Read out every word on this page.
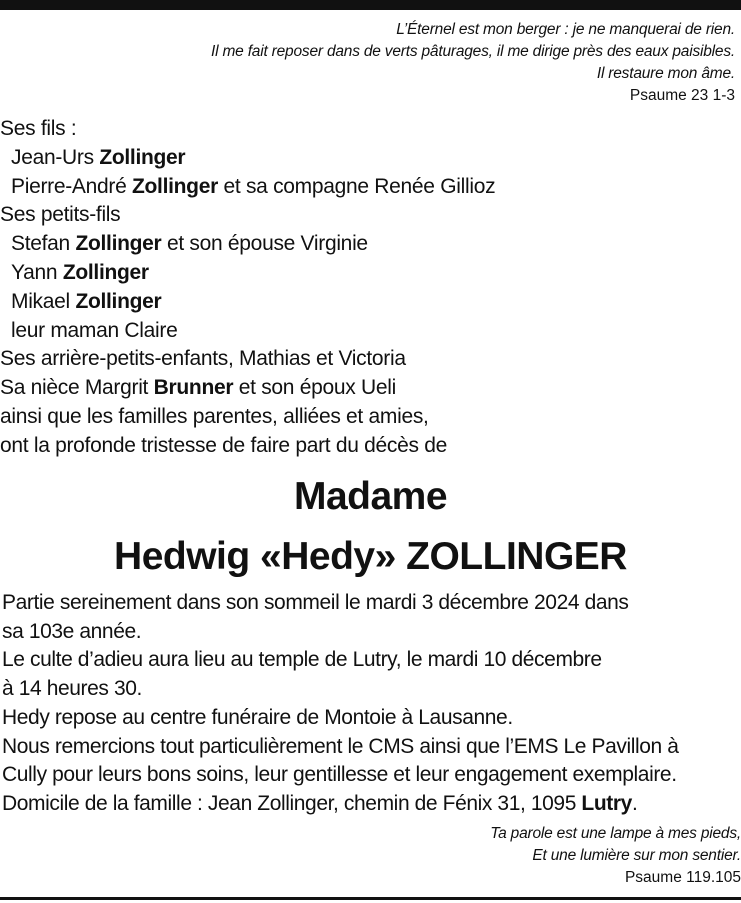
L’Éternel est mon berger : je ne manquerai de rien.
Il me fait reposer dans de verts pâturages, il me dirige près des eaux paisibles.
Il restaure mon âme.
Psaume 23 1-3
Ses fils :
Jean-Urs Zollinger
Pierre-André Zollinger et sa compagne Renée Gillioz
Ses petits-fils
Stefan Zollinger et son épouse Virginie
Yann Zollinger
Mikael Zollinger
leur maman Claire
Ses arrière-petits-enfants, Mathias et Victoria
Sa nièce Margrit Brunner et son époux Ueli
ainsi que les familles parentes, alliées et amies,
ont la profonde tristesse de faire part du décès de
Madame
Hedwig «Hedy» ZOLLINGER
Partie sereinement dans son sommeil le mardi 3 décembre 2024 dans
sa 103e année.
Le culte d’adieu aura lieu au temple de Lutry, le mardi 10 décembre
à 14 heures 30.
Hedy repose au centre funéraire de Montoie à Lausanne.
Nous remercions tout particulièrement le CMS ainsi que l’EMS Le Pavillon à
Cully pour leurs bons soins, leur gentillesse et leur engagement exemplaire.
Domicile de la famille : Jean Zollinger, chemin de Fénix 31, 1095 Lutry.
Ta parole est une lampe à mes pieds,
Et une lumière sur mon sentier.
Psaume 119.105
